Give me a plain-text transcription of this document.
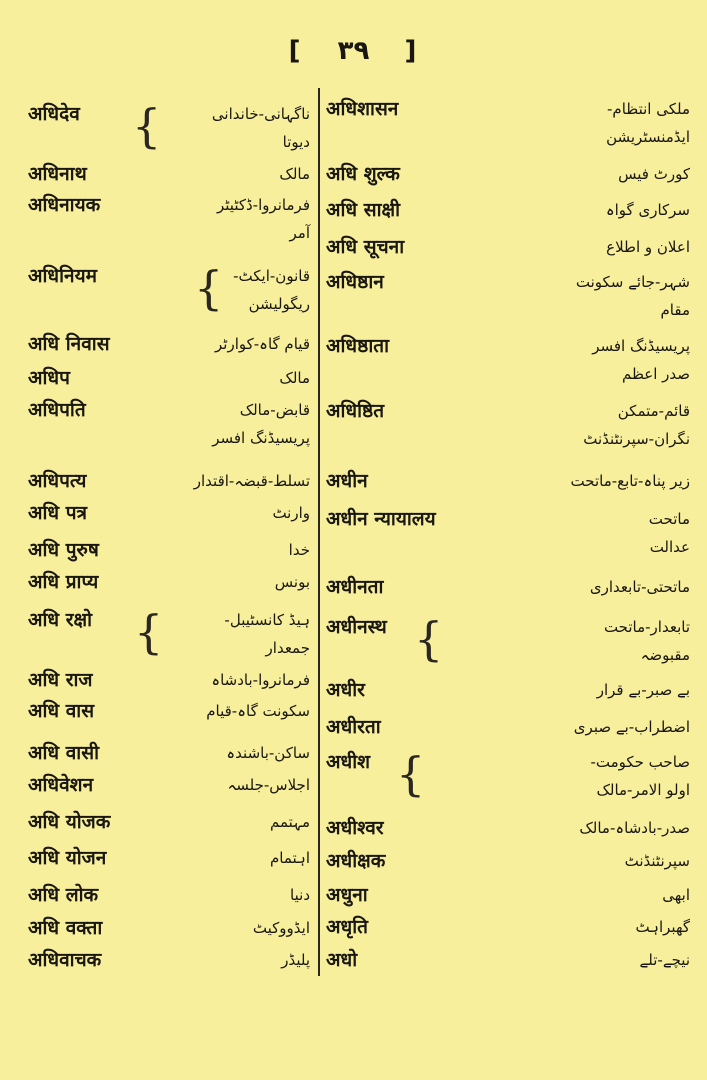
[ ۳۹ ]
अधिदेव	ناگہانی-خاندانی
دیوتا
{
अधिनाथ	مالک
अधिनायक	فرمانروا-ڈکٹیٹر
آمر
अधिनियम	قانون-ایکٹ-
ریگولیشن
{
अधि निवास	قیام گاہ-کوارٹر
अधिप	مالک
अधिपति	قابض-مالک
پریسیڈنگ افسر
अधिपत्य	تسلط-قبضہ-اقتدار
अधि पत्र	وارنٹ
अधि पुरुष	خدا
अधि प्राप्य	بونس
अधि रक्षो	ہیڈ کانسٹیبل-
جمعدار
{
अधि राज	فرمانروا-بادشاہ
अधि वास	سکونت گاہ-قیام
अधि वासी	ساکن-باشندہ
अधिवेशन	اجلاس-جلسہ
अधि योजक	مہتمم
अधि योजन	اہتمام
अधि लोक	دنیا
अधि वक्ता	ایڈووکیٹ
अधिवाचक	پلیڈر
अधिशासन	ملکی انتظام-
ایڈمنسٹریشن
अधि शुल्क	کورٹ فیس
अधि साक्षी	سرکاری گواہ
अधि सूचना	اعلان و اطلاع
अधिष्ठान	شہر-جائے سکونت
مقام
अधिष्ठाता	پریسیڈنگ افسر
صدر اعظم
अधिष्ठित	قائم-متمکن
نگران-سپرنٹنڈنٹ
अधीन	زیر پناہ-تابع-ماتحت
अधीन न्यायालय	ماتحت
عدالت
अधीनता	ماتحتی-تابعداری
अधीनस्थ	تابعدار-ماتحت
مقبوضہ
{
अधीर	بے صبر-بے قرار
अधीरता	اضطراب-بے صبری
अधीश	صاحب حکومت-
اولو الامر-مالک
{
अधीश्वर	صدر-بادشاہ-مالک
अधीक्षक	سپرنٹنڈنٹ
अधुना	ابھی
अधृति	گھبراہٹ
अधो	نیچے-تلے
